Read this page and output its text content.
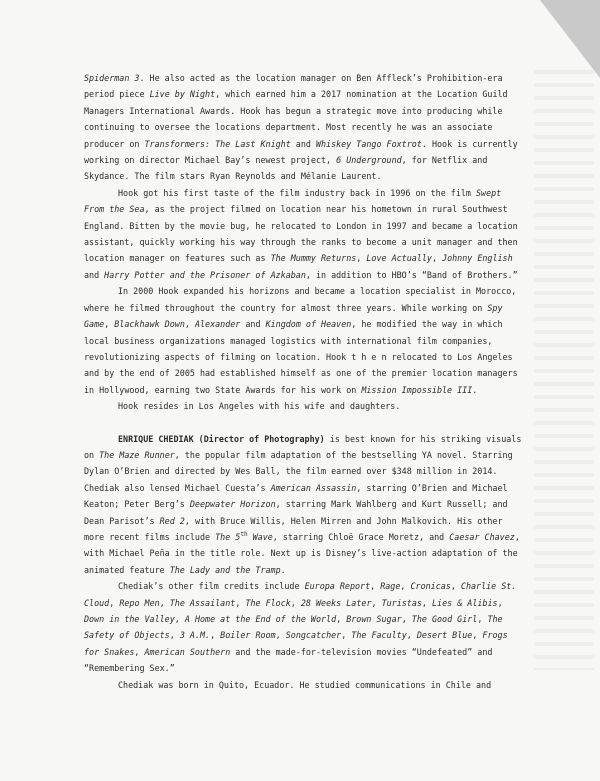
Spiderman 3. He also acted as the location manager on Ben Affleck’s Prohibition-era period piece Live by Night, which earned him a 2017 nomination at the Location Guild Managers International Awards. Hook has begun a strategic move into producing while continuing to oversee the locations department. Most recently he was an associate producer on Transformers: The Last Knight and Whiskey Tango Foxtrot. Hook is currently working on director Michael Bay’s newest project, 6 Underground, for Netflix and Skydance. The film stars Ryan Reynolds and Mélanie Laurent.

Hook got his first taste of the film industry back in 1996 on the film Swept From the Sea, as the project filmed on location near his hometown in rural Southwest England. Bitten by the movie bug, he relocated to London in 1997 and became a location assistant, quickly working his way through the ranks to become a unit manager and then location manager on features such as The Mummy Returns, Love Actually, Johnny English and Harry Potter and the Prisoner of Azkaban, in addition to HBO’s “Band of Brothers.”

In 2000 Hook expanded his horizons and became a location specialist in Morocco, where he filmed throughout the country for almost three years. While working on Spy Game, Blackhawk Down, Alexander and Kingdom of Heaven, he modified the way in which local business organizations managed logistics with international film companies, revolutionizing aspects of filming on location. Hook t h e n relocated to Los Angeles and by the end of 2005 had established himself as one of the premier location managers in Hollywood, earning two State Awards for his work on Mission Impossible III.

Hook resides in Los Angeles with his wife and daughters.

ENRIQUE CHEDIAK (Director of Photography) is best known for his striking visuals on The Maze Runner, the popular film adaptation of the bestselling YA novel. Starring Dylan O’Brien and directed by Wes Ball, the film earned over $348 million in 2014. Chediak also lensed Michael Cuesta’s American Assassin, starring O’Brien and Michael Keaton; Peter Berg’s Deepwater Horizon, starring Mark Wahlberg and Kurt Russell; and Dean Parisot’s Red 2, with Bruce Willis, Helen Mirren and John Malkovich. His other more recent films include The 5th Wave, starring Chloë Grace Moretz, and Caesar Chavez, with Michael Peña in the title role. Next up is Disney’s live-action adaptation of the animated feature The Lady and the Tramp.

Chediak’s other film credits include Europa Report, Rage, Cronicas, Charlie St. Cloud, Repo Men, The Assailant, The Flock, 28 Weeks Later, Turistas, Lies & Alibis, Down in the Valley, A Home at the End of the World, Brown Sugar, The Good Girl, The Safety of Objects, 3 A.M., Boiler Room, Songcatcher, The Faculty, Desert Blue, Frogs for Snakes, American Southern and the made-for-television movies “Undefeated” and “Remembering Sex.”

Chediak was born in Quito, Ecuador. He studied communications in Chile and
